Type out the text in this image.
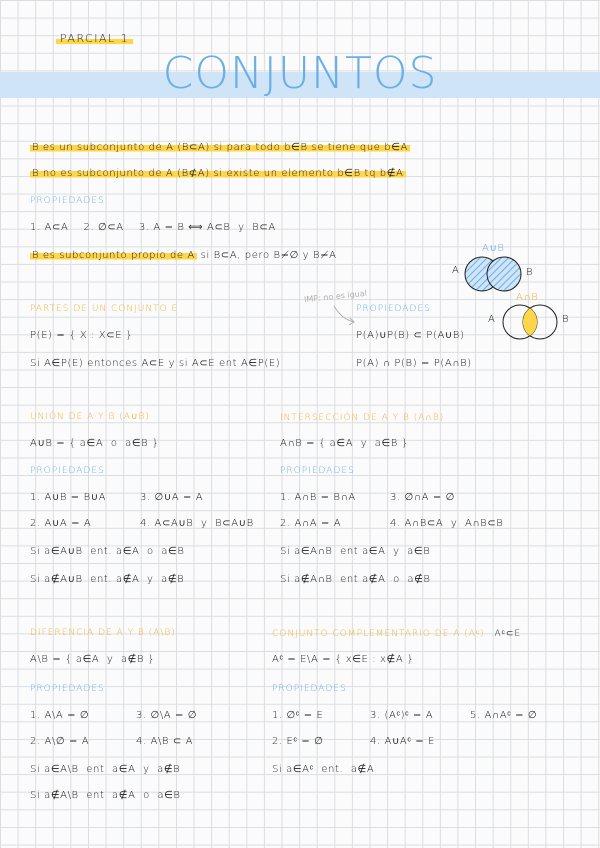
PARCIAL 1
CONJUNTOS
B es un subconjunto de A (B⊂A) si para todo b∈B se tiene que b∈A
B no es subconjunto de A (B⊄A) si existe un elemento b∈B tq b∉A
PROPIEDADES:
1. A⊂A    2. ∅⊂A    3. A = B ⟺ A⊂B  y  B⊂A
B es subconjunto propio de A si B⊂A, pero B≠∅ y B≠A
A∪B
A	B
A∩B
A	B
PARTES DE UN CONJUNTO E
P(E) = { X : X⊂E }
Si A∈P(E) entonces A⊂E y si A⊂E ent A∈P(E)
IMP: no es igual
PROPIEDADES
P(A)∪P(B) ⊂ P(A∪B)
P(A) ∩ P(B) = P(A∩B)
UNIÓN DE A Y B (A∪B)
A∪B = { a∈A  o  a∈B }
PROPIEDADES
1. A∪B = B∪A	3. ∅∪A = A
2. A∪A = A	4. A⊂A∪B  y  B⊂A∪B
Si a∈A∪B  ent. a∈A  o  a∈B
Si a∉A∪B  ent. a∉A  y  a∉B
INTERSECCIÓN DE A Y B (A∩B)
A∩B = { a∈A  y  a∈B }
PROPIEDADES
1. A∩B = B∩A	3. ∅∩A = ∅
2. A∩A = A	4. A∩B⊂A  y  A∩B⊂B
Si a∈A∩B  ent a∈A  y  a∈B
Si a∉A∩B  ent a∉A  o  a∉B
DIFERENCIA DE A Y B (A\B)
A\B = { a∈A  y  a∉B }
PROPIEDADES
1. A\A = ∅	3. ∅\A = ∅
2. A\∅ = A	4. A\B ⊂ A
Si a∈A\B  ent  a∈A  y  a∉B
Si a∉A\B  ent  a∉A  o  a∈B
CONJUNTO COMPLEMENTARIO DE A (Aᶜ) Aᶜ⊂E
Aᶜ = E\A = { x∈E : x∉A }
PROPIEDADES
1. ∅ᶜ = E	3. (Aᶜ)ᶜ = A	5. A∩Aᶜ = ∅
2. Eᶜ = ∅	4. A∪Aᶜ = E
Si a∈Aᶜ  ent.  a∉A
